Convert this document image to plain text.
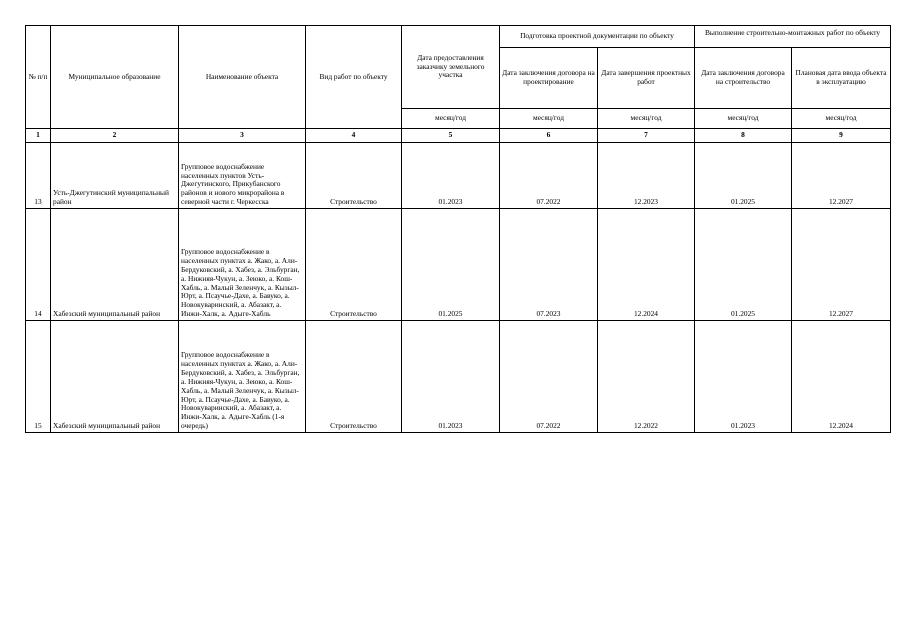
№ п/п	Муниципальное образование	Наименование объекта	Вид работ по объекту	Дата предоставления заказчику земельного участка	Подготовка проектной документации по объекту		Выполнение строительно-монтажных работ по объекту	
					Дата заключения договора на проектирование	Дата завершения проектных работ	Дата заключения договора на строительство	Плановая дата ввода объекта в эксплуатацию
				месяц/год	месяц/год	месяц/год	месяц/год	месяц/год
1	2	3	4	5	6	7	8	9
13	Усть-Джегутинский муниципальный район	Групповое водоснабжение населенных пунктов Усть-Джегутинского, Прикубанского районов и нового микрорайона в северной части г. Черкесска	Строительство	01.2023	07.2022	12.2023	01.2025	12.2027
14	Хабезский муниципальный район	Групповое водоснабжение в населенных пунктах а. Жако, а. Али-Бердуковский, а. Хабез, а. Эльбурган, а. Нижняя-Чукун, а. Зеюко, а. Кош-Хабль, а. Малый Зеленчук, а. Кызыл-Юрт, а. Псаучье-Дахе, а. Бавуко, а. Новокуваринский, а. Абазакт, а. Инжи-Халк, а. Адыге-Хабль	Строительство	01.2025	07.2023	12.2024	01.2025	12.2027
15	Хабезский муниципальный район	Групповое водоснабжение в населенных пунктах а. Жако, а. Али-Бердуковский, а. Хабез, а. Эльбурган, а. Нижняя-Чукун, а. Зеюко, а. Кош-Хабль, а. Малый Зеленчук, а. Кызыл-Юрт, а. Псаучье-Дахе, а. Бавуко, а. Новокуваринский, а. Абазакт, а. Инжи-Халк, а. Адыге-Хабль (1-я очередь)	Строительство	01.2023	07.2022	12.2022	01.2023	12.2024
